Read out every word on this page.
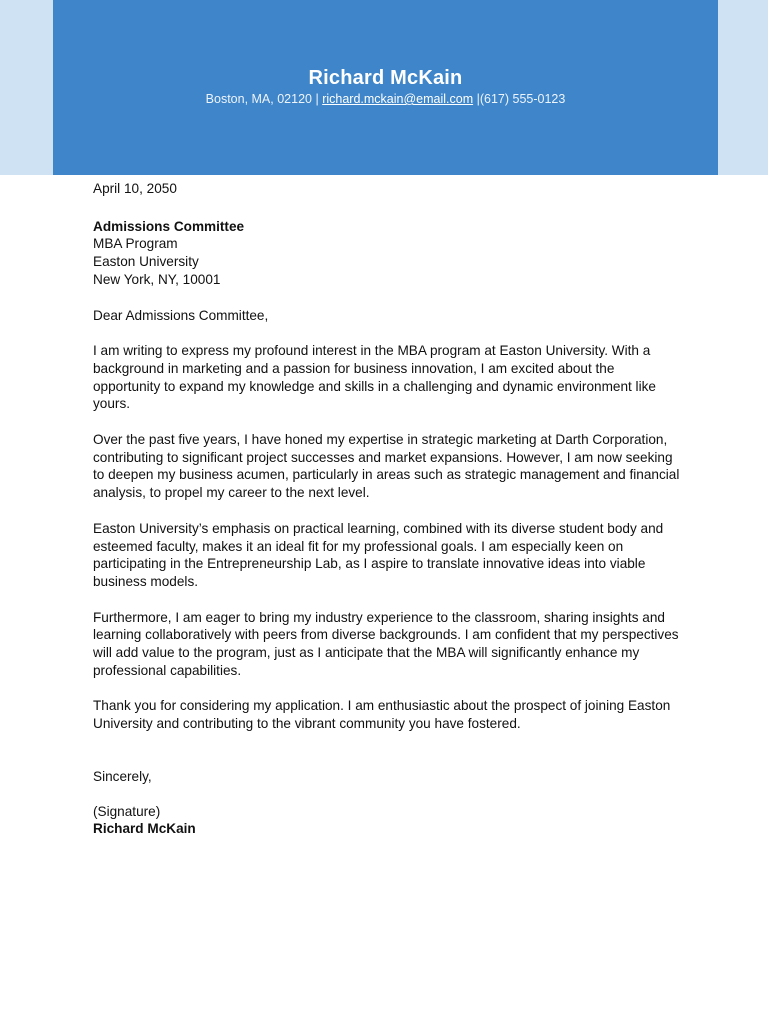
Richard McKain
Boston, MA, 02120 | richard.mckain@email.com |(617) 555-0123

April 10, 2050

Admissions Committee

MBA Program

Easton University

New York, NY, 10001

Dear Admissions Committee,

I am writing to express my profound interest in the MBA program at Easton University. With a background in marketing and a passion for business innovation, I am excited about the opportunity to expand my knowledge and skills in a challenging and dynamic environment like yours.

Over the past five years, I have honed my expertise in strategic marketing at Darth Corporation, contributing to significant project successes and market expansions. However, I am now seeking to deepen my business acumen, particularly in areas such as strategic management and financial analysis, to propel my career to the next level.

Easton University’s emphasis on practical learning, combined with its diverse student body and esteemed faculty, makes it an ideal fit for my professional goals. I am especially keen on participating in the Entrepreneurship Lab, as I aspire to translate innovative ideas into viable business models.

Furthermore, I am eager to bring my industry experience to the classroom, sharing insights and learning collaboratively with peers from diverse backgrounds. I am confident that my perspectives will add value to the program, just as I anticipate that the MBA will significantly enhance my professional capabilities.

Thank you for considering my application. I am enthusiastic about the prospect of joining Easton University and contributing to the vibrant community you have fostered.

Sincerely,

(Signature)

Richard McKain
